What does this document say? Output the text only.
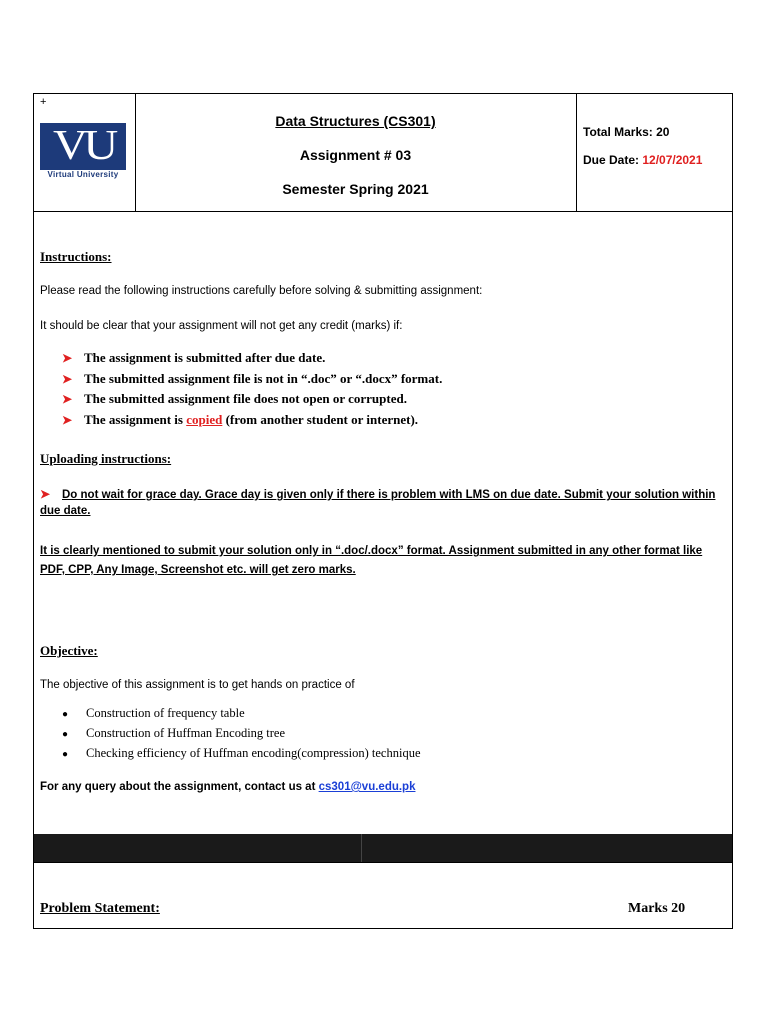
+
VU
Virtual University
Data Structures (CS301)
Assignment # 03
Semester Spring 2021
Total Marks: 20
Due Date: 12/07/2021
Instructions:
Please read the following instructions carefully before solving & submitting assignment:
It should be clear that your assignment will not get any credit (marks) if:
➤ The assignment is submitted after due date.
➤ The submitted assignment file is not in “.doc” or “.docx” format.
➤ The submitted assignment file does not open or corrupted.
➤ The assignment is copied (from another student or internet).
Uploading instructions:
➤ Do not wait for grace day. Grace day is given only if there is problem with LMS on due date. Submit your solution within due date.
It is clearly mentioned to submit your solution only in “.doc/.docx” format. Assignment submitted in any other format like PDF, CPP, Any Image, Screenshot etc. will get zero marks.
Objective:
The objective of this assignment is to get hands on practice of
● Construction of frequency table
● Construction of Huffman Encoding tree
● Checking efficiency of Huffman encoding(compression) technique
For any query about the assignment, contact us at cs301@vu.edu.pk
Problem Statement:	Marks 20
